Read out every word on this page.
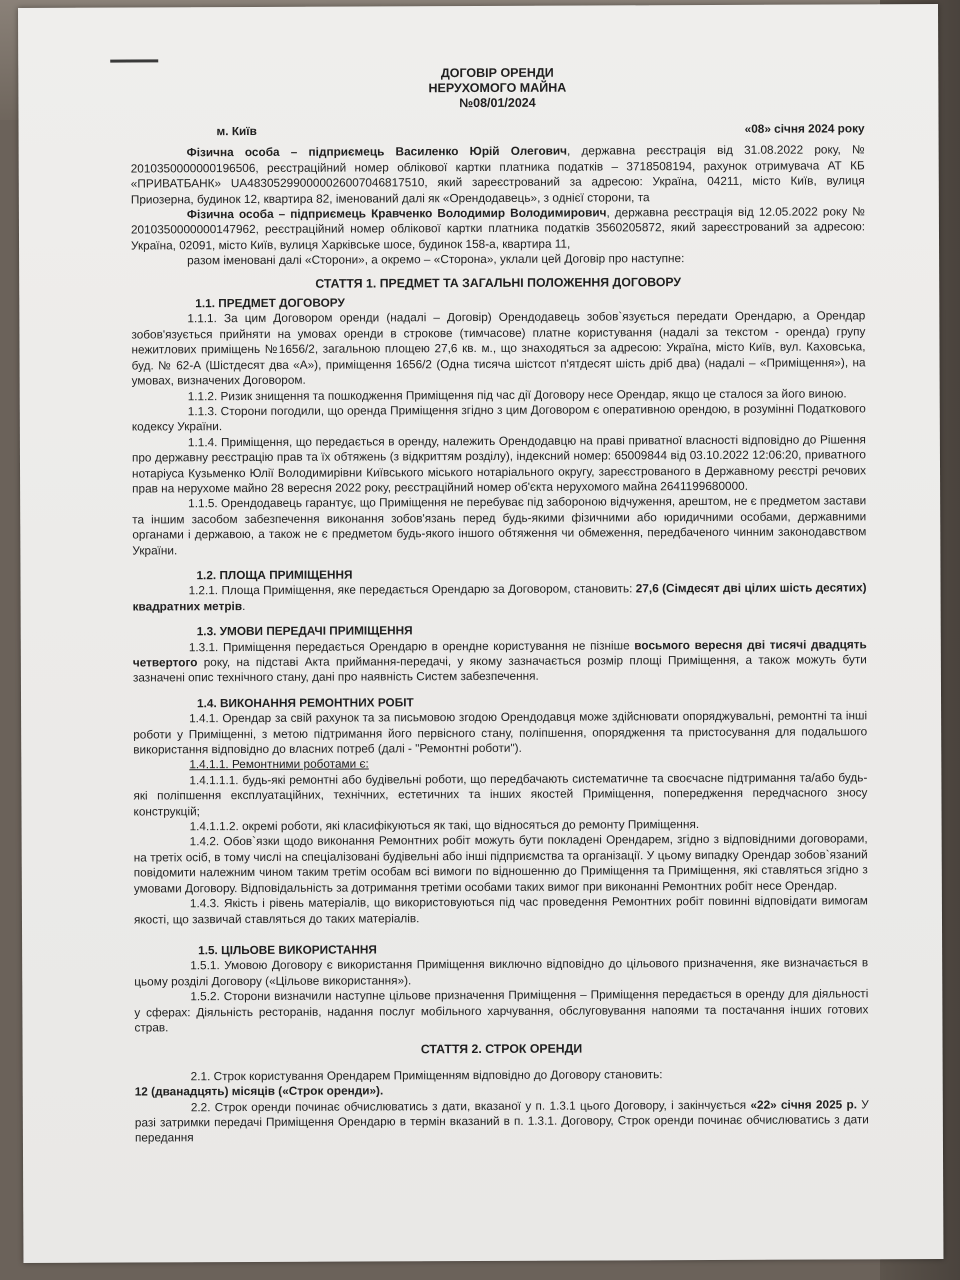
ДОГОВІР ОРЕНДИ
НЕРУХОМОГО МАЙНА
№08/01/2024
м. Київ	«08» січня 2024 року

Фізична особа – підприємець Василенко Юрій Олегович, державна реєстрація від 31.08.2022 року, № 2010350000000196506, реєстраційний номер облікової картки платника податків – 3718508194, рахунок отримувача АТ КБ «ПРИВАТБАНК» UA483052990000026007046817510, який зареєстрований за адресою: Україна, 04211, місто Київ, вулиця Приозерна, будинок 12, квартира 82, іменований далі як «Орендодавець», з однієї сторони, та

Фізична особа – підприємець Кравченко Володимир Володимирович, державна реєстрація від 12.05.2022 року № 2010350000000147962, реєстраційний номер облікової картки платника податків 3560205872, який зареєстрований за адресою: Україна, 02091, місто Київ, вулиця Харківське шосе, будинок 158-а, квартира 11,

разом іменовані далі «Сторони», а окремо – «Сторона», уклали цей Договір про наступне:

СТАТТЯ 1. ПРЕДМЕТ ТА ЗАГАЛЬНІ ПОЛОЖЕННЯ ДОГОВОРУ
1.1. ПРЕДМЕТ ДОГОВОРУ

1.1.1. За цим Договором оренди (надалі – Договір) Орендодавець зобов`язується передати Орендарю, а Орендар зобов'язується прийняти на умовах оренди в строкове (тимчасове) платне користування (надалі за текстом - оренда) групу нежитлових приміщень №1656/2, загальною площею 27,6 кв. м., що знаходяться за адресою: Україна, місто Київ, вул. Каховська, буд. № 62-А (Шістдесят два «А»), приміщення 1656/2 (Одна тисяча шістсот п'ятдесят шість дріб два) (надалі – «Приміщення»), на умовах, визначених Договором.

1.1.2. Ризик знищення та пошкодження Приміщення під час дії Договору несе Орендар, якщо це сталося за його виною.

1.1.3. Сторони погодили, що оренда Приміщення згідно з цим Договором є оперативною орендою, в розумінні Податкового кодексу України.

1.1.4. Приміщення, що передається в оренду, належить Орендодавцю на праві приватної власності відповідно до Рішення про державну реєстрацію прав та їх обтяжень (з відкриттям розділу), індексний номер: 65009844 від 03.10.2022 12:06:20, приватного нотаріуса Кузьменко Юлії Володимирівни Київського міського нотаріального округу, зареєстрованого в Державному реєстрі речових прав на нерухоме майно 28 вересня 2022 року, реєстраційний номер об'єкта нерухомого майна 2641199680000.

1.1.5. Орендодавець гарантує, що Приміщення не перебуває під забороною відчуження, арештом, не є предметом застави та іншим засобом забезпечення виконання зобов'язань перед будь-якими фізичними або юридичними особами, державними органами і державою, а також не є предметом будь-якого іншого обтяження чи обмеження, передбаченого чинним законодавством України.

1.2. ПЛОЩА ПРИМІЩЕННЯ

1.2.1. Площа Приміщення, яке передається Орендарю за Договором, становить: 27,6 (Сімдесят дві цілих шість десятих) квадратних метрів.

1.3. УМОВИ ПЕРЕДАЧІ ПРИМІЩЕННЯ

1.3.1. Приміщення передається Орендарю в орендне користування не пізніше восьмого вересня дві тисячі двадцять четвертого року, на підставі Акта приймання-передачі, у якому зазначається розмір площі Приміщення, а також можуть бути зазначені опис технічного стану, дані про наявність Систем забезпечення.

1.4. ВИКОНАННЯ РЕМОНТНИХ РОБІТ

1.4.1. Орендар за свій рахунок та за письмовою згодою Орендодавця може здійснювати опоряджувальні, ремонтні та інші роботи у Приміщенні, з метою підтримання його первісного стану, поліпшення, опорядження та пристосування для подальшого використання відповідно до власних потреб (далі - "Ремонтні роботи").

1.4.1.1. Ремонтними роботами є:

1.4.1.1.1. будь-які ремонтні або будівельні роботи, що передбачають систематичне та своєчасне підтримання та/або будь-які поліпшення експлуатаційних, технічних, естетичних та інших якостей Приміщення, попередження передчасного зносу конструкцій;

1.4.1.1.2. окремі роботи, які класифікуються як такі, що відносяться до ремонту Приміщення.

1.4.2. Обов`язки щодо виконання Ремонтних робіт можуть бути покладені Орендарем, згідно з відповідними договорами, на третіх осіб, в тому числі на спеціалізовані будівельні або інші підприємства та організації. У цьому випадку Орендар зобов`язаний повідомити належним чином таким третім особам всі вимоги по відношенню до Приміщення та Приміщення, які ставляться згідно з умовами Договору. Відповідальність за дотримання третіми особами таких вимог при виконанні Ремонтних робіт несе Орендар.

1.4.3. Якість і рівень матеріалів, що використовуються під час проведення Ремонтних робіт повинні відповідати вимогам якості, що зазвичай ставляться до таких матеріалів.

1.5. ЦІЛЬОВЕ ВИКОРИСТАННЯ

1.5.1. Умовою Договору є використання Приміщення виключно відповідно до цільового призначення, яке визначається в цьому розділі Договору («Цільове використання»).

1.5.2. Сторони визначили наступне цільове призначення Приміщення – Приміщення передається в оренду для діяльності у сферах: Діяльність ресторанів, надання послуг мобільного харчування, обслуговування напоями та постачання інших готових страв.

СТАТТЯ 2. СТРОК ОРЕНДИ

2.1. Строк користування Орендарем Приміщенням відповідно до Договору становить:

12 (дванадцять) місяців («Строк оренди»).

2.2. Строк оренди починає обчислюватись з дати, вказаної у п. 1.3.1 цього Договору, і закінчується «22» січня 2025 р. У разі затримки передачі Приміщення Орендарю в термін вказаний в п. 1.3.1. Договору, Строк оренди починає обчислюватись з дати передання
